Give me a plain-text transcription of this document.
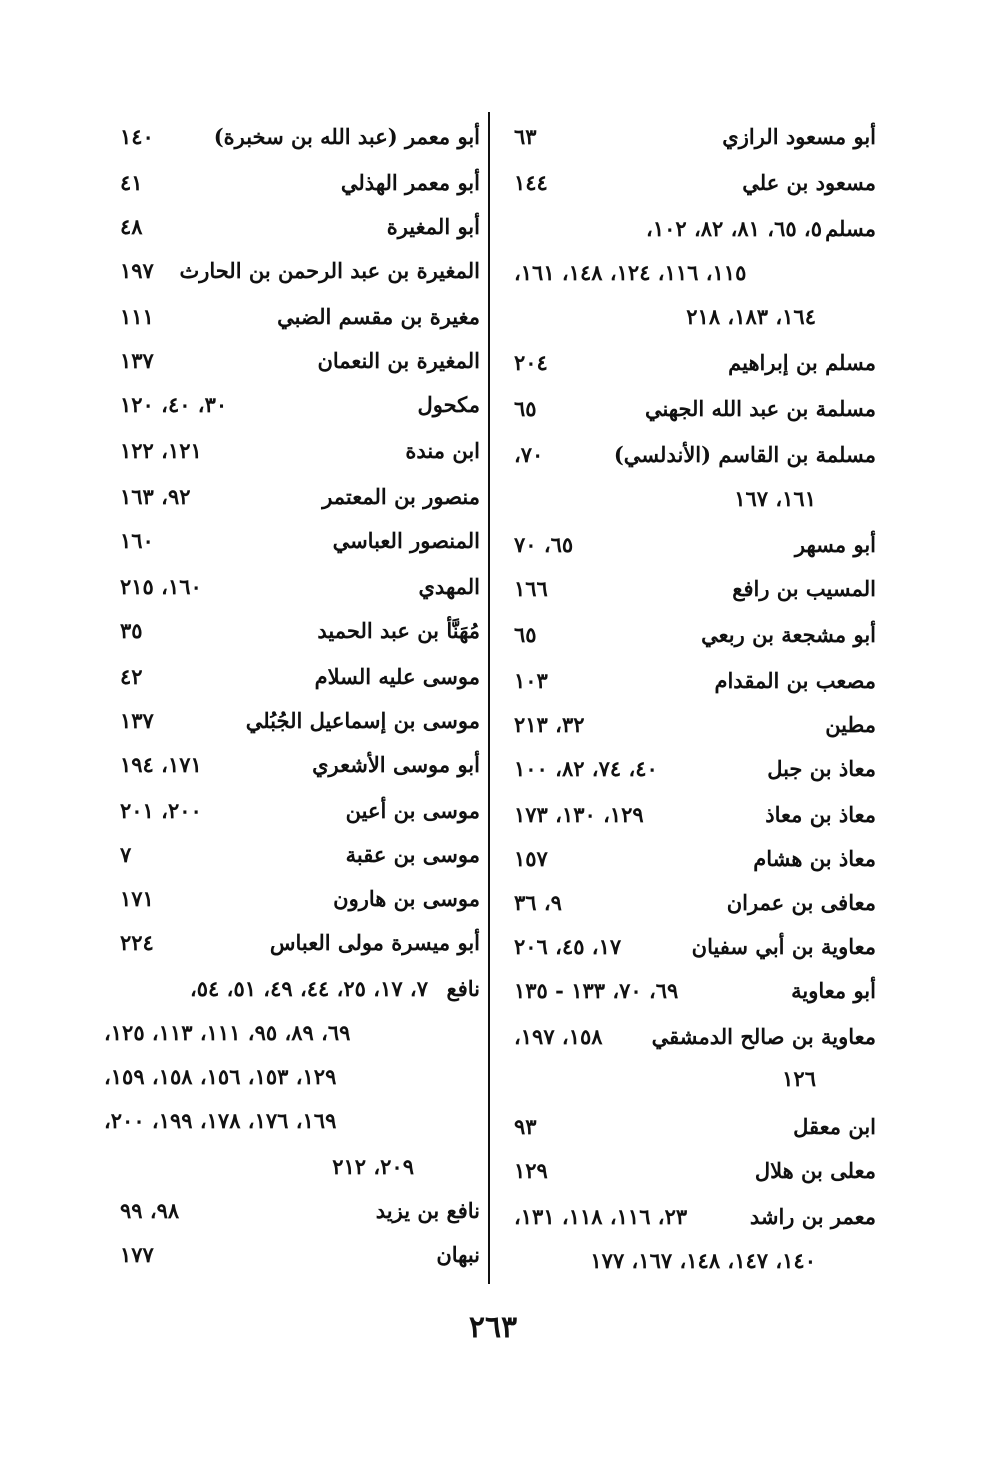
أبو مسعود الرازي
٦٣
مسعود بن علي
١٤٤
مسلم
٥، ٦٥، ٨١، ٨٢، ١٠٢،
١١٥، ١١٦، ١٢٤، ١٤٨، ١٦١،
١٦٤، ١٨٣، ٢١٨
مسلم بن إبراهيم
٢٠٤
مسلمة بن عبد الله الجهني
٦٥
مسلمة بن القاسم (الأندلسي)
٧٠،
١٦١، ١٦٧
أبو مسهر
٦٥، ٧٠
المسيب بن رافع
١٦٦
أبو مشجعة بن ربعي
٦٥
مصعب بن المقدام
١٠٣
مطين
٣٢، ٢١٣
معاذ بن جبل
٤٠، ٧٤، ٨٢، ١٠٠
معاذ بن معاذ
١٢٩، ١٣٠، ١٧٣
معاذ بن هشام
١٥٧
معافى بن عمران
٩، ٣٦
معاوية بن أبي سفيان
١٧، ٤٥، ٢٠٦
أبو معاوية
٦٩، ٧٠، ١٣٣ - ١٣٥
معاوية بن صالح الدمشقي
١٥٨، ١٩٧،
١٢٦
ابن معقل
٩٣
معلى بن هلال
١٢٩
معمر بن راشد
٢٣، ١١٦، ١١٨، ١٣١،
١٤٠، ١٤٧، ١٤٨، ١٦٧، ١٧٧
أبو معمر (عبد الله بن سخبرة)
١٤٠
أبو معمر الهذلي
٤١
أبو المغيرة
٤٨
المغيرة بن عبد الرحمن بن الحارث
١٩٧
مغيرة بن مقسم الضبي
١١١
المغيرة بن النعمان
١٣٧
مكحول
٣٠، ٤٠، ١٢٠
ابن مندة
١٢١، ١٢٢
منصور بن المعتمر
٩٢، ١٦٣
المنصور العباسي
١٦٠
المهدي
١٦٠، ٢١٥
مُهَنَّأ بن عبد الحميد
٣٥
موسى عليه السلام
٤٢
موسى بن إسماعيل الجُبُلي
١٣٧
أبو موسى الأشعري
١٧١، ١٩٤
موسى بن أعين
٢٠٠، ٢٠١
موسى بن عقبة
٧
موسى بن هارون
١٧١
أبو ميسرة مولى العباس
٢٢٤
نافع
٧، ١٧، ٢٥، ٤٤، ٤٩، ٥١، ٥٤،
٦٩، ٨٩، ٩٥، ١١١، ١١٣، ١٢٥،
١٢٩، ١٥٣، ١٥٦، ١٥٨، ١٥٩،
١٦٩، ١٧٦، ١٧٨، ١٩٩، ٢٠٠،
٢٠٩، ٢١٢
نافع بن يزيد
٩٨، ٩٩
نبهان
١٧٧
٢٦٣
